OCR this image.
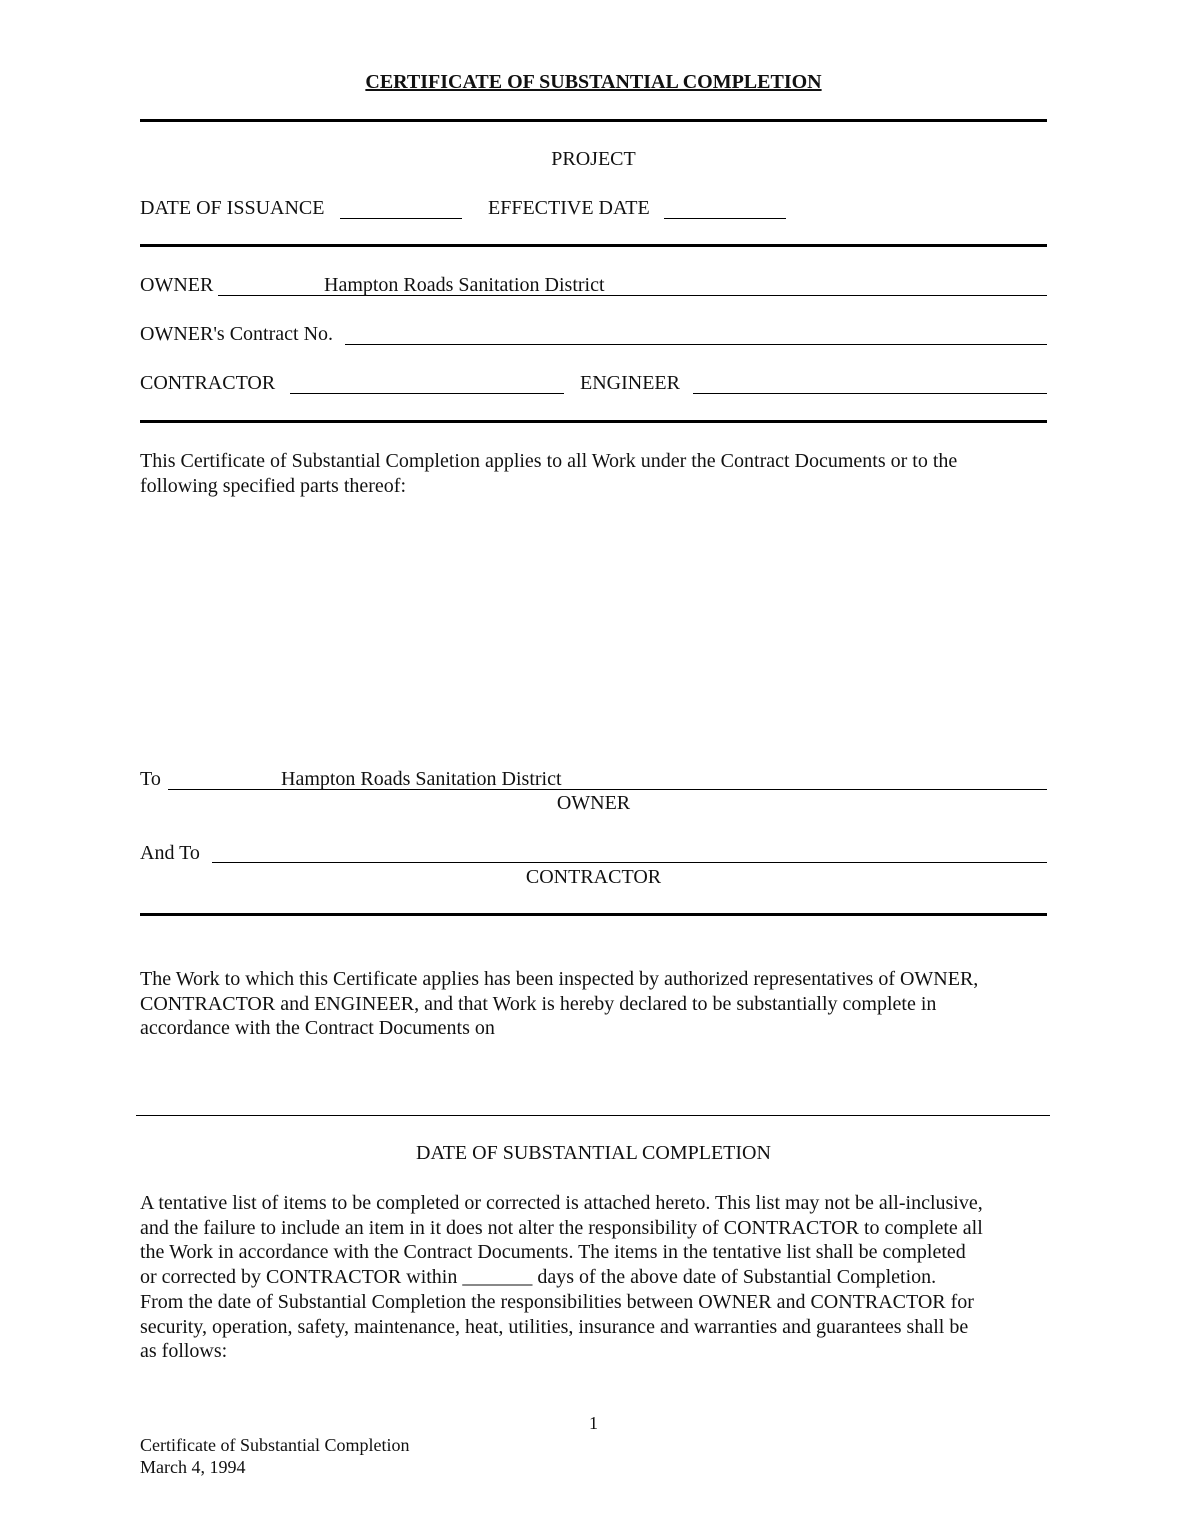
CERTIFICATE OF SUBSTANTIAL COMPLETION
PROJECT
DATE OF ISSUANCE	EFFECTIVE DATE
OWNER	Hampton Roads Sanitation District
OWNER's Contract No.
CONTRACTOR	ENGINEER
This Certificate of Substantial Completion applies to all Work under the Contract Documents or to the
following specified parts thereof:
To	Hampton Roads Sanitation District
OWNER
And To
CONTRACTOR
The Work to which this Certificate applies has been inspected by authorized representatives of OWNER,
CONTRACTOR and ENGINEER, and that Work is hereby declared to be substantially complete in
accordance with the Contract Documents on
DATE OF SUBSTANTIAL COMPLETION
A tentative list of items to be completed or corrected is attached hereto. This list may not be all-inclusive,
and the failure to include an item in it does not alter the responsibility of CONTRACTOR to complete all
the Work in accordance with the Contract Documents. The items in the tentative list shall be completed
or corrected by CONTRACTOR within _______ days of the above date of Substantial Completion.
From the date of Substantial Completion the responsibilities between OWNER and CONTRACTOR for
security, operation, safety, maintenance, heat, utilities, insurance and warranties and guarantees shall be
as follows:
1
Certificate of Substantial Completion
March 4, 1994
